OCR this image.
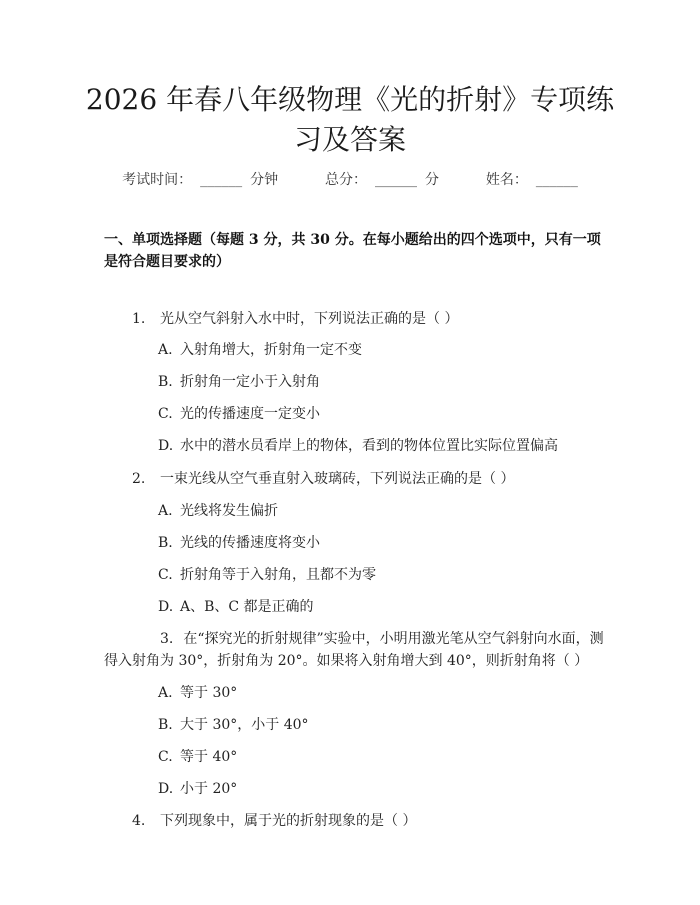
2026 年春八年级物理《光的折射》专项练习及答案
考试时间： ______ 分钟	总分： ______ 分	姓名： ______

一、单项选择题（每题 3 分，共 30 分。在每小题给出的四个选项中，只有一项是符合题目要求的）

1. 光从空气斜射入水中时，下列说法正确的是（ ）
A. 入射角增大，折射角一定不变
B. 折射角一定小于入射角
C. 光的传播速度一定变小
D. 水中的潜水员看岸上的物体，看到的物体位置比实际位置偏高
2. 一束光线从空气垂直射入玻璃砖，下列说法正确的是（ ）
A. 光线将发生偏折
B. 光线的传播速度将变小
C. 折射角等于入射角，且都不为零
D. A、B、C 都是正确的
3. 在“探究光的折射规律”实验中，小明用激光笔从空气斜射向水面，测得入射角为 30°，折射角为 20°。如果将入射角增大到 40°，则折射角将（ ）
A. 等于 30°
B. 大于 30°，小于 40°
C. 等于 40°
D. 小于 20°
4. 下列现象中，属于光的折射现象的是（ ）
